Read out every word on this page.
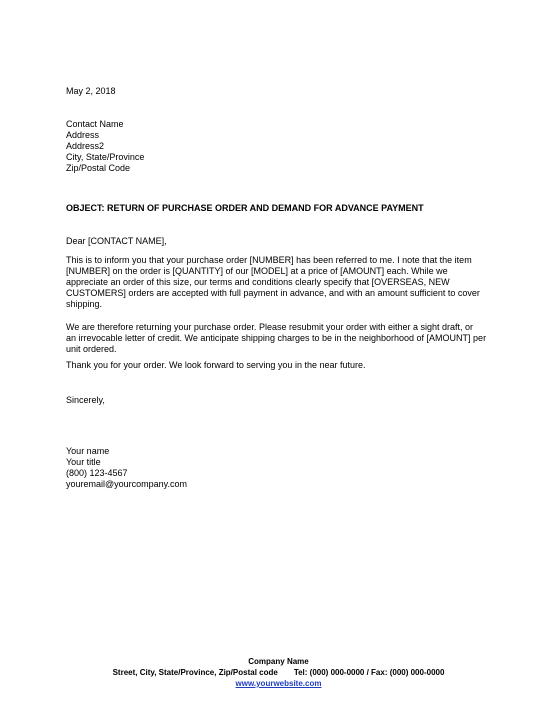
May 2, 2018
Contact Name
Address
Address2
City, State/Province
Zip/Postal Code
OBJECT: RETURN OF PURCHASE ORDER AND DEMAND FOR ADVANCE PAYMENT
Dear [CONTACT NAME],
This is to inform you that your purchase order [NUMBER] has been referred to me. I note that the item
[NUMBER] on the order is [QUANTITY] of our [MODEL] at a price of [AMOUNT] each. While we
appreciate an order of this size, our terms and conditions clearly specify that [OVERSEAS, NEW
CUSTOMERS] orders are accepted with full payment in advance, and with an amount sufficient to cover
shipping.
We are therefore returning your purchase order. Please resubmit your order with either a sight draft, or
an irrevocable letter of credit. We anticipate shipping charges to be in the neighborhood of [AMOUNT] per
unit ordered.
Thank you for your order. We look forward to serving you in the near future.
Sincerely,
Your name
Your title
(800) 123-4567
youremail@yourcompany.com
Company Name
Street, City, State/Province, Zip/Postal code Tel: (000) 000-0000 / Fax: (000) 000-0000
www.yourwebsite.com
